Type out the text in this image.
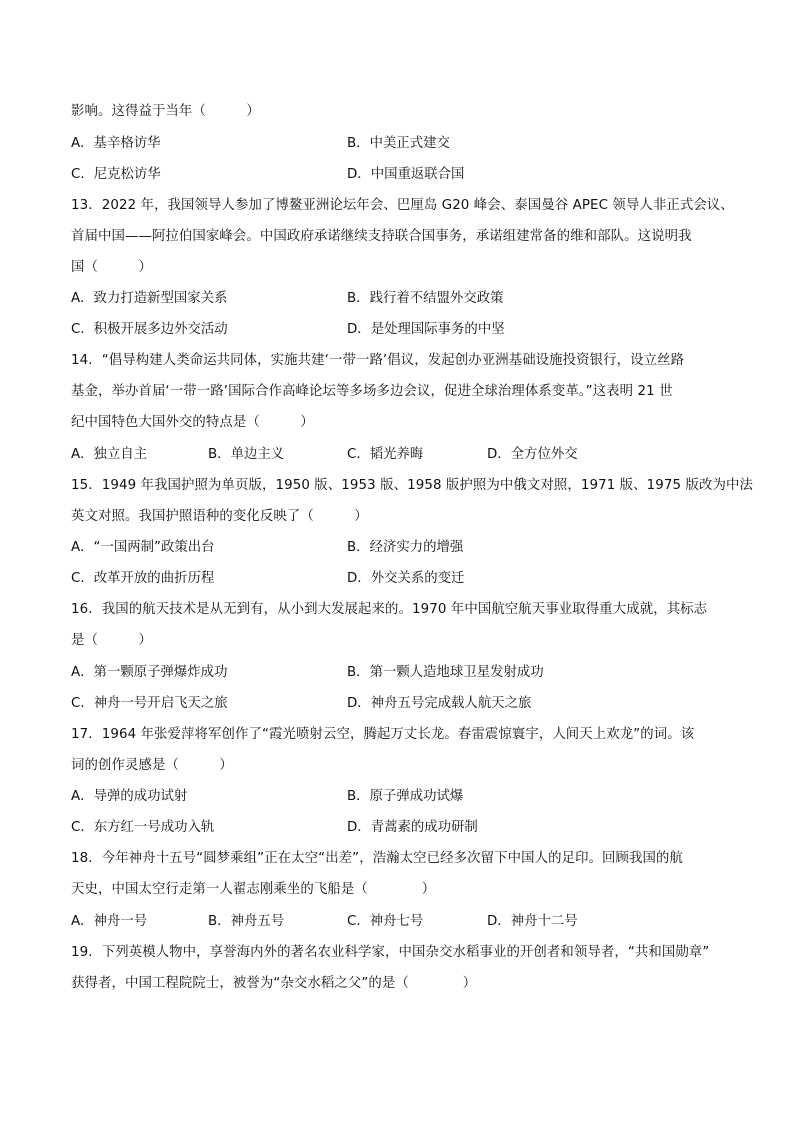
影响。这得益于当年（　　　）
A．基辛格访华	B．中美正式建交
C．尼克松访华	D．中国重返联合国
13．2022 年，我国领导人参加了博鳌亚洲论坛年会、巴厘岛 G20 峰会、泰国曼谷 APEC 领导人非正式会议、
首届中国——阿拉伯国家峰会。中国政府承诺继续支持联合国事务，承诺组建常备的维和部队。这说明我
国（　　　）
A．致力打造新型国家关系	B．践行着不结盟外交政策
C．积极开展多边外交活动	D．是处理国际事务的中坚
14．“倡导构建人类命运共同体，实施共建‘一带一路’倡议，发起创办亚洲基础设施投资银行，设立丝路
基金，举办首届‘一带一路’国际合作高峰论坛等多场多边会议，促进全球治理体系变革。”这表明 21 世
纪中国特色大国外交的特点是（　　　）
A．独立自主	B．单边主义	C．韬光养晦	D．全方位外交
15．1949 年我国护照为单页版，1950 版、1953 版、1958 版护照为中俄文对照，1971 版、1975 版改为中法
英文对照。我国护照语种的变化反映了（　　　）
A．“一国两制”政策出台	B．经济实力的增强
C．改革开放的曲折历程	D．外交关系的变迁
16．我国的航天技术是从无到有，从小到大发展起来的。1970 年中国航空航天事业取得重大成就，其标志
是（　　　）
A．第一颗原子弹爆炸成功	B．第一颗人造地球卫星发射成功
C．神舟一号开启飞天之旅	D．神舟五号完成载人航天之旅
17．1964 年张爱萍将军创作了“霞光喷射云空，腾起万丈长龙。春雷震惊寰宇，人间天上欢龙”的词。该
词的创作灵感是（　　　）
A．导弹的成功试射	B．原子弹成功试爆
C．东方红一号成功入轨	D．青蒿素的成功研制
18．今年神舟十五号“圆梦乘组”正在太空“出差”，浩瀚太空已经多次留下中国人的足印。回顾我国的航
天史，中国太空行走第一人翟志刚乘坐的飞船是（　　　　）
A．神舟一号	B．神舟五号	C．神舟七号	D．神舟十二号
19．下列英模人物中，享誉海内外的著名农业科学家，中国杂交水稻事业的开创者和领导者，“共和国勋章”
获得者，中国工程院院士，被誉为“杂交水稻之父”的是（　　　　）
